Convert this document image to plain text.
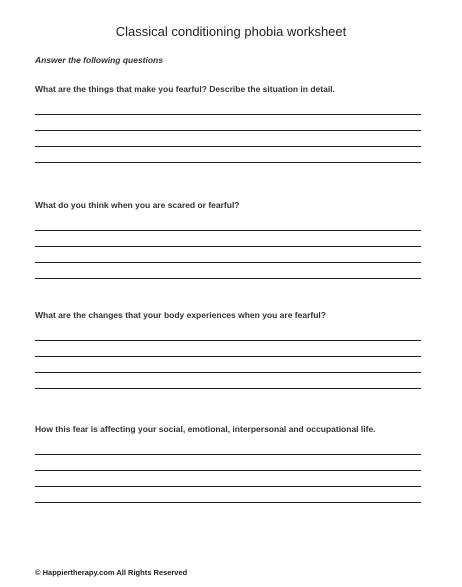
Classical conditioning phobia worksheet
Answer the following questions
What are the things that make you fearful? Describe the situation in detail.
What do you think when you are scared or fearful?
What are the changes that your body experiences when you are fearful?
How this fear is affecting your social, emotional, interpersonal and occupational life.
© Happiertherapy.com All Rights Reserved
